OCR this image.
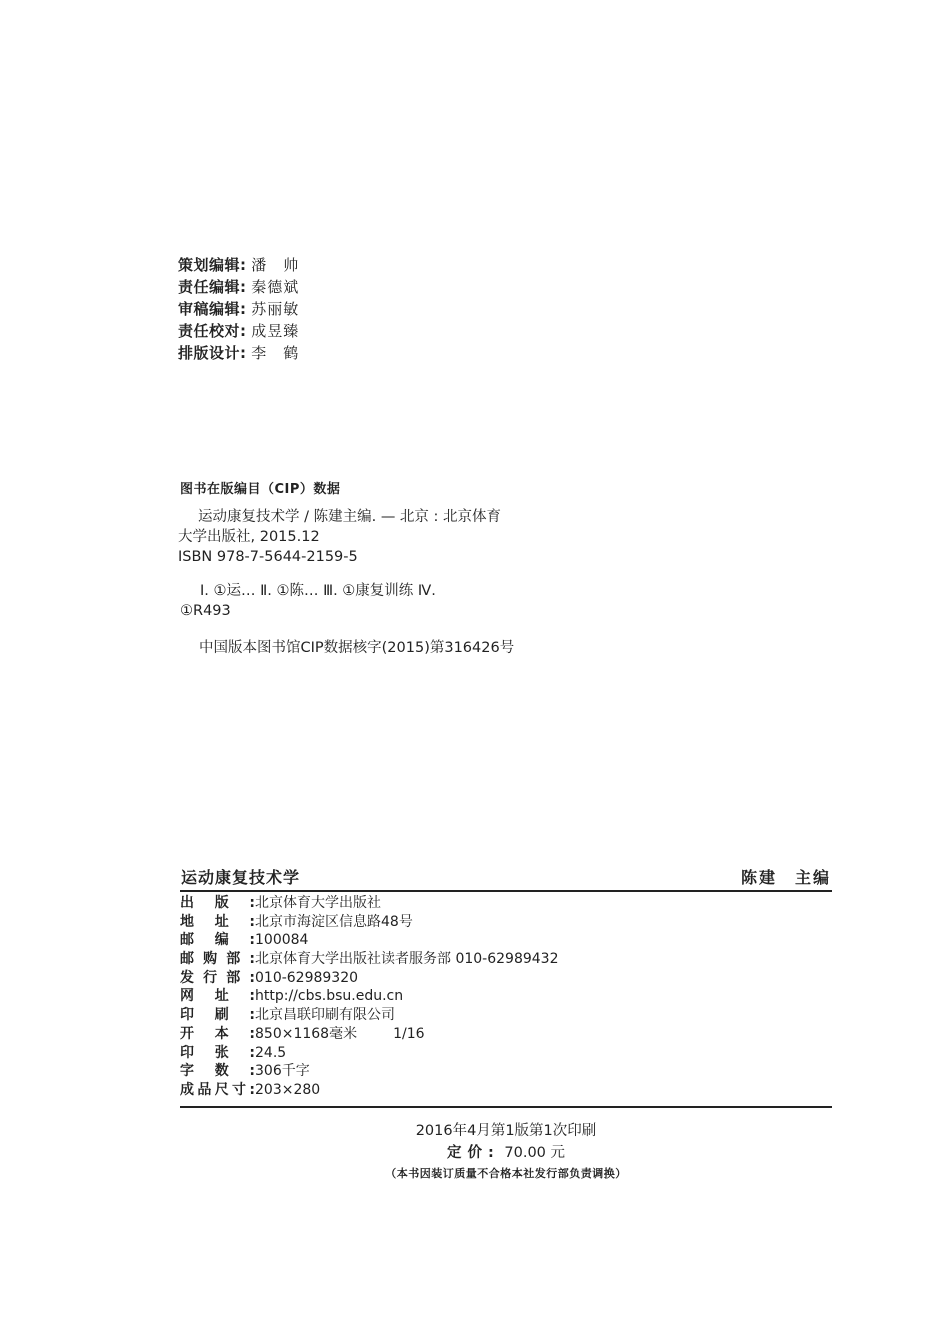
策划编辑: 潘　帅
责任编辑: 秦德斌
审稿编辑: 苏丽敏
责任校对: 成昱臻
排版设计: 李　鹤
图书在版编目（CIP）数据
运动康复技术学 / 陈建主编. — 北京 : 北京体育
大学出版社, 2015.12
ISBN 978-7-5644-2159-5
Ⅰ. ①运… Ⅱ. ①陈… Ⅲ. ①康复训练 Ⅳ.
①R493
中国版本图书馆CIP数据核字(2015)第316426号
运动康复技术学	陈建　主编
出版:北京体育大学出版社
地址:北京市海淀区信息路48号
邮编:100084
邮购部:北京体育大学出版社读者服务部 010-62989432
发行部:010-62989320
网址:http://cbs.bsu.edu.cn
印刷:北京昌联印刷有限公司
开本:850×1168毫米	1/16
印张:24.5
字数:306千字
成品尺寸:203×280
2016年4月第1版第1次印刷
定价: 70.00 元
（本书因装订质量不合格本社发行部负责调换）
